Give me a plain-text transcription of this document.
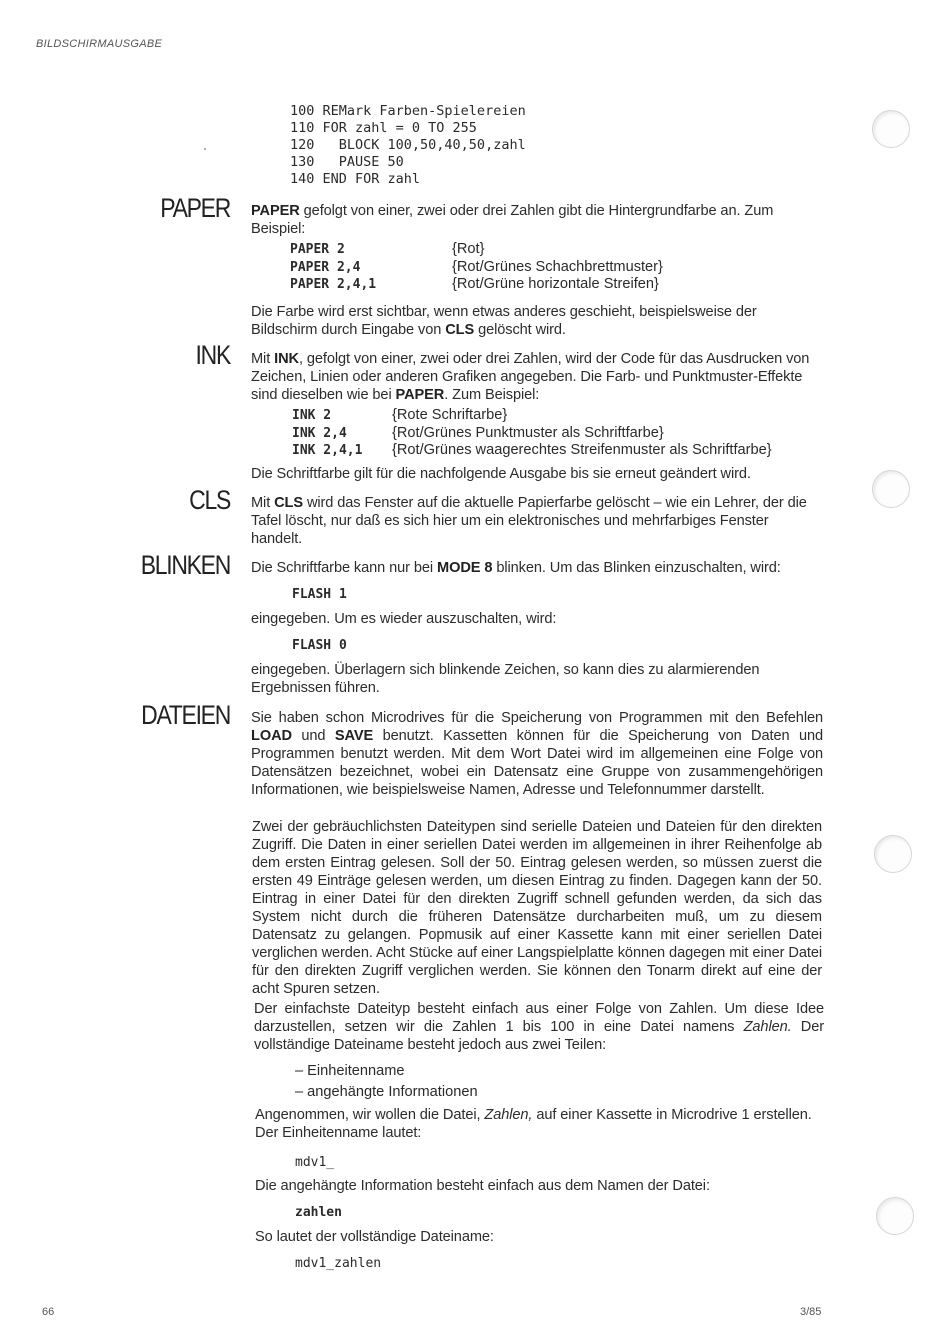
BILDSCHIRMAUSGABE
100 REMark Farben-Spielereien
110 FOR zahl = 0 TO 255
120   BLOCK 100,50,40,50,zahl
130   PAUSE 50
140 END FOR zahl
PAPER PAPER gefolgt von einer, zwei oder drei Zahlen gibt die Hintergrundfarbe an. Zum Beispiel:
PAPER 2	{Rot}
PAPER 2,4	{Rot/Grünes Schachbrettmuster}
PAPER 2,4,1	{Rot/Grüne horizontale Streifen}
Die Farbe wird erst sichtbar, wenn etwas anderes geschieht, beispielsweise der Bildschirm durch Eingabe von CLS gelöscht wird.
INK Mit INK, gefolgt von einer, zwei oder drei Zahlen, wird der Code für das Ausdrucken von Zeichen, Linien oder anderen Grafiken angegeben. Die Farb- und Punktmuster-Effekte sind dieselben wie bei PAPER. Zum Beispiel:
INK 2	{Rote Schriftarbe}
INK 2,4	{Rot/Grünes Punktmuster als Schriftfarbe}
INK 2,4,1	{Rot/Grünes waagerechtes Streifenmuster als Schriftfarbe}
Die Schriftfarbe gilt für die nachfolgende Ausgabe bis sie erneut geändert wird.
CLS Mit CLS wird das Fenster auf die aktuelle Papierfarbe gelöscht – wie ein Lehrer, der die Tafel löscht, nur daß es sich hier um ein elektronisches und mehrfarbiges Fenster handelt.
BLINKEN Die Schriftfarbe kann nur bei MODE 8 blinken. Um das Blinken einzuschalten, wird:
FLASH 1
eingegeben. Um es wieder auszuschalten, wird:
FLASH 0
eingegeben. Überlagern sich blinkende Zeichen, so kann dies zu alarmierenden Ergebnissen führen.
DATEIEN Sie haben schon Microdrives für die Speicherung von Programmen mit den Befehlen LOAD und SAVE benutzt. Kassetten können für die Speicherung von Daten und Programmen benutzt werden. Mit dem Wort Datei wird im allgemeinen eine Folge von Datensätzen bezeichnet, wobei ein Datensatz eine Gruppe von zusammengehörigen Informationen, wie beispielsweise Namen, Adresse und Telefonnummer darstellt.
Zwei der gebräuchlichsten Dateitypen sind serielle Dateien und Dateien für den direkten Zugriff. Die Daten in einer seriellen Datei werden im allgemeinen in ihrer Reihenfolge ab dem ersten Eintrag gelesen. Soll der 50. Eintrag gelesen werden, so müssen zuerst die ersten 49 Einträge gelesen werden, um diesen Eintrag zu finden. Dagegen kann der 50. Eintrag in einer Datei für den direkten Zugriff schnell gefunden werden, da sich das System nicht durch die früheren Datensätze durcharbeiten muß, um zu diesem Datensatz zu gelangen. Popmusik auf einer Kassette kann mit einer seriellen Datei verglichen werden. Acht Stücke auf einer Langspielplatte können dagegen mit einer Datei für den direkten Zugriff verglichen werden. Sie können den Tonarm direkt auf eine der acht Spuren setzen.
Der einfachste Dateityp besteht einfach aus einer Folge von Zahlen. Um diese Idee darzustellen, setzen wir die Zahlen 1 bis 100 in eine Datei namens Zahlen. Der vollständige Dateiname besteht jedoch aus zwei Teilen:
– Einheitenname
– angehängte Informationen
Angenommen, wir wollen die Datei, Zahlen, auf einer Kassette in Microdrive 1 erstellen. Der Einheitenname lautet:
mdv1_
Die angehängte Information besteht einfach aus dem Namen der Datei:
zahlen
So lautet der vollständige Dateiname:
mdv1_zahlen
66	3/85
